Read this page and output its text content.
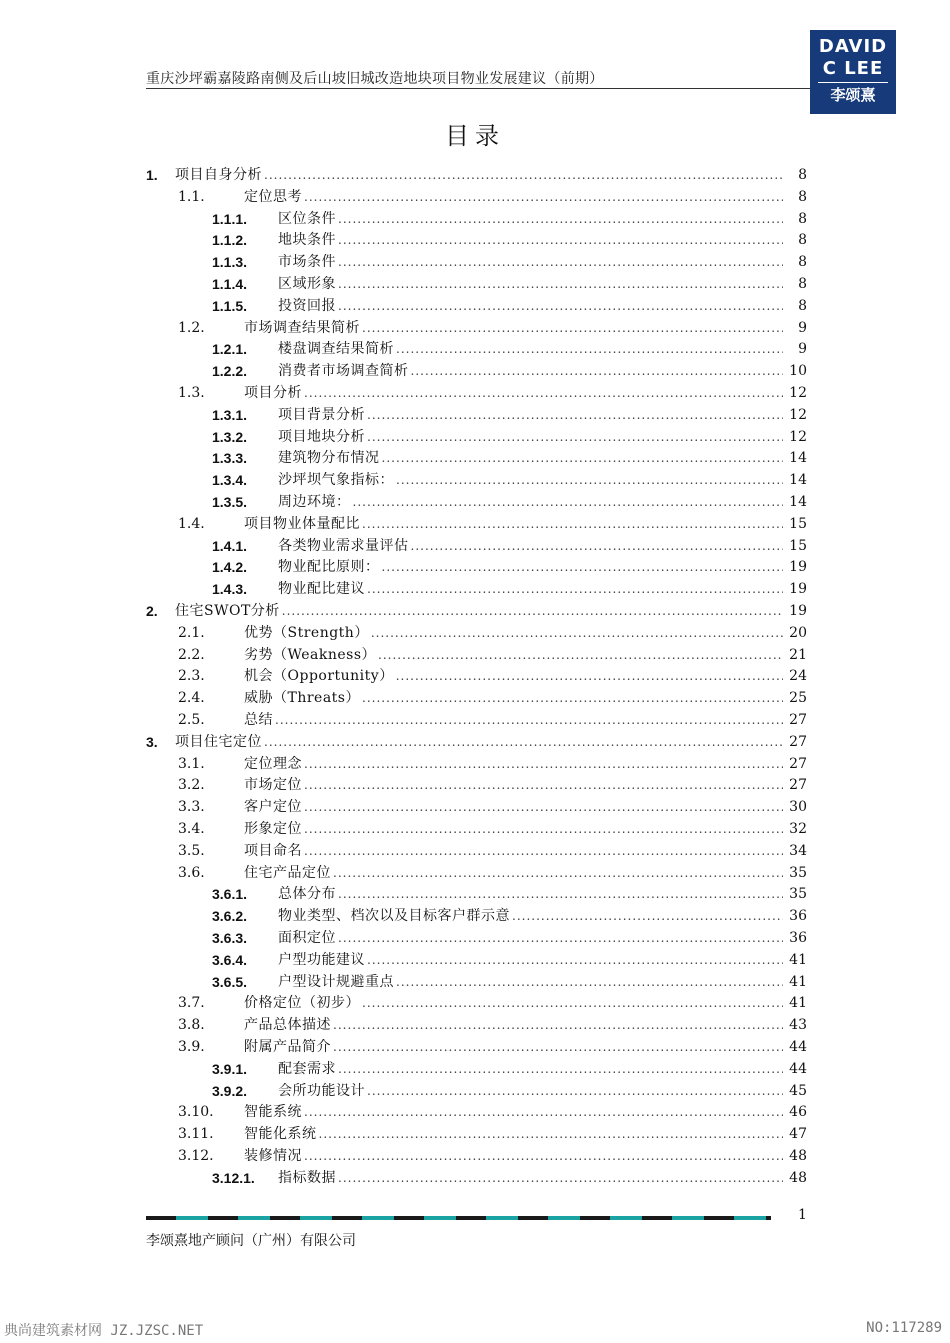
重庆沙坪霸嘉陵路南侧及后山坡旧城改造地块项目物业发展建议（前期）
DAVID
C LEE
李颂熹
目录
1.	项目自身分析 .....	8
1.1.	定位思考 .....	8
1.1.1.	区位条件 .....	8
1.1.2.	地块条件 .....	8
1.1.3.	市场条件 .....	8
1.1.4.	区域形象 .....	8
1.1.5.	投资回报 .....	8
1.2.	市场调查结果简析 .....	9
1.2.1.	楼盘调查结果简析 .....	9
1.2.2.	消费者市场调查简析 .....	10
1.3.	项目分析 .....	12
1.3.1.	项目背景分析 .....	12
1.3.2.	项目地块分析 .....	12
1.3.3.	建筑物分布情况 .....	14
1.3.4.	沙坪坝气象指标： .....	14
1.3.5.	周边环境： .....	14
1.4.	项目物业体量配比 .....	15
1.4.1.	各类物业需求量评估 .....	15
1.4.2.	物业配比原则： .....	19
1.4.3.	物业配比建议 .....	19
2.	住宅SWOT分析 .....	19
2.1.	优势（Strength） .....	20
2.2.	劣势（Weakness） .....	21
2.3.	机会（Opportunity） .....	24
2.4.	威胁（Threats） .....	25
2.5.	总结 .....	27
3.	项目住宅定位 .....	27
3.1.	定位理念 .....	27
3.2.	市场定位 .....	27
3.3.	客户定位 .....	30
3.4.	形象定位 .....	32
3.5.	项目命名 .....	34
3.6.	住宅产品定位 .....	35
3.6.1.	总体分布 .....	35
3.6.2.	物业类型、档次以及目标客户群示意 .....	36
3.6.3.	面积定位 .....	36
3.6.4.	户型功能建议 .....	41
3.6.5.	户型设计规避重点 .....	41
3.7.	价格定位（初步） .....	41
3.8.	产品总体描述 .....	43
3.9.	附属产品简介 .....	44
3.9.1.	配套需求 .....	44
3.9.2.	会所功能设计 .....	45
3.10.	智能系统 .....	46
3.11.	智能化系统 .....	47
3.12.	装修情况 .....	48
3.12.1.	指标数据 .....	48
1
李颂熹地产顾问（广州）有限公司
典尚建筑素材网 JZ.JZSC.NET	NO:117289
